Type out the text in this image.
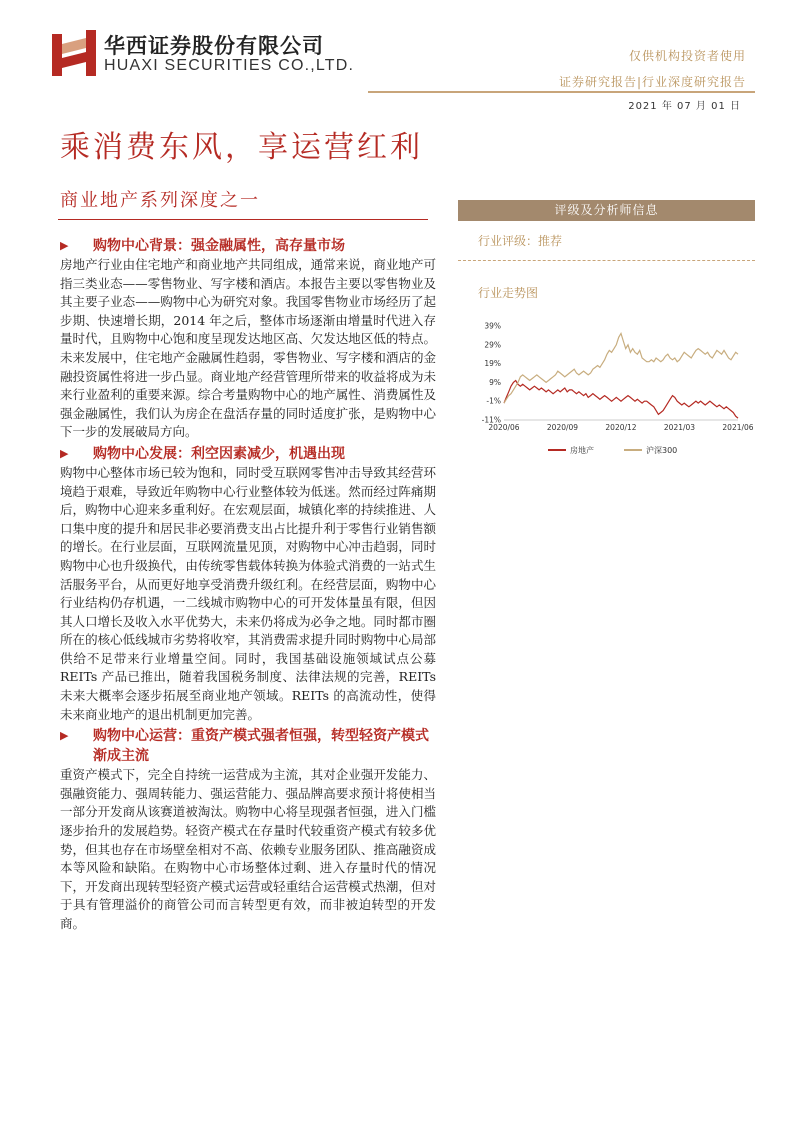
华西证券股份有限公司
HUAXI SECURITIES CO.,LTD.
仅供机构投资者使用
证券研究报告|行业深度研究报告
2021 年 07 月 01 日
乘消费东风，享运营红利
商业地产系列深度之一
▶ 购物中心背景：强金融属性，高存量市场

房地产行业由住宅地产和商业地产共同组成，通常来说，商业地产可指三类业态——零售物业、写字楼和酒店。本报告主要以零售物业及其主要子业态——购物中心为研究对象。我国零售物业市场经历了起步期、快速增长期，2014 年之后，整体市场逐渐由增量时代进入存量时代，且购物中心饱和度呈现发达地区高、欠发达地区低的特点。未来发展中，住宅地产金融属性趋弱，零售物业、写字楼和酒店的金融投资属性将进一步凸显。商业地产经营管理所带来的收益将成为未来行业盈利的重要来源。综合考量购物中心的地产属性、消费属性及强金融属性，我们认为房企在盘活存量的同时适度扩张，是购物中心下一步的发展破局方向。

▶ 购物中心发展：利空因素减少，机遇出现

购物中心整体市场已较为饱和，同时受互联网零售冲击导致其经营环境趋于艰难，导致近年购物中心行业整体较为低迷。然而经过阵痛期后，购物中心迎来多重利好。在宏观层面，城镇化率的持续推进、人口集中度的提升和居民非必要消费支出占比提升利于零售行业销售额的增长。在行业层面，互联网流量见顶，对购物中心冲击趋弱，同时购物中心也升级换代，由传统零售载体转换为体验式消费的一站式生活服务平台，从而更好地享受消费升级红利。在经营层面，购物中心行业结构仍存机遇，一二线城市购物中心的可开发体量虽有限，但因其人口增长及收入水平优势大，未来仍将成为必争之地。同时都市圈所在的核心低线城市劣势将收窄，其消费需求提升同时购物中心局部供给不足带来行业增量空间。同时，我国基础设施领域试点公募 REITs 产品已推出，随着我国税务制度、法律法规的完善，REITs 未来大概率会逐步拓展至商业地产领域。REITs 的高流动性，使得未来商业地产的退出机制更加完善。

▶ 购物中心运营：重资产模式强者恒强，转型轻资产模式渐成主流

重资产模式下，完全自持统一运营成为主流，其对企业强开发能力、强融资能力、强周转能力、强运营能力、强品牌高要求预计将使相当一部分开发商从该赛道被淘汰。购物中心将呈现强者恒强，进入门槛逐步抬升的发展趋势。轻资产模式在存量时代较重资产模式有较多优势，但其也存在市场壁垒相对不高、依赖专业服务团队、推高融资成本等风险和缺陷。在购物中心市场整体过剩、进入存量时代的情况下，开发商出现转型轻资产模式运营或轻重结合运营模式热潮，但对于具有管理溢价的商管公司而言转型更有效，而非被迫转型的开发商。

评级及分析师信息
行业评级：推荐
行业走势图
39%
29%
19%
9%
-1%
-11%
2020/06	2020/09	2020/12	2021/03	2021/06
房地产	沪深300
